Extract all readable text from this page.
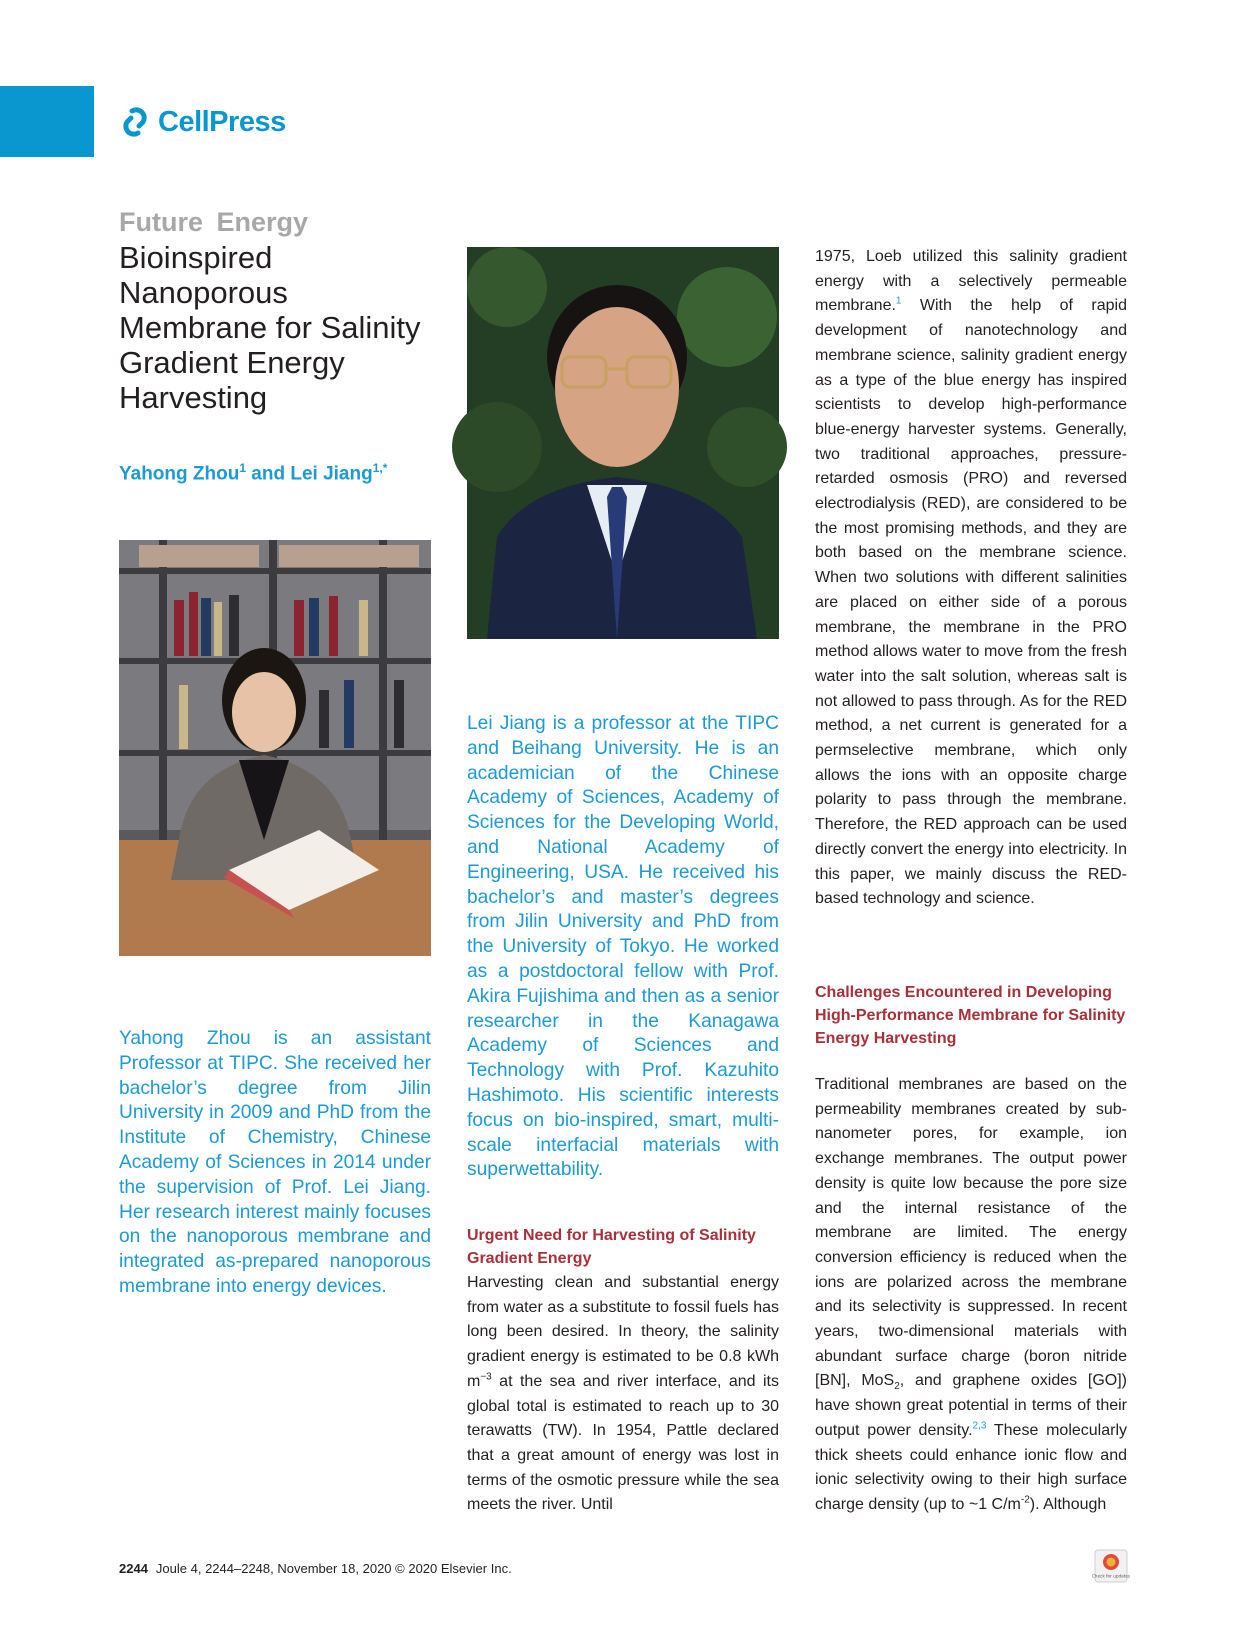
CellPress
Future Energy
Bioinspired Nanoporous Membrane for Salinity Gradient Energy Harvesting
Yahong Zhou$^1$ and Lei Jiang$^{1,*}$
Yahong Zhou is an assistant Professor at TIPC. She received her bachelor’s degree from Jilin University in 2009 and PhD from the Institute of Chemistry, Chinese Academy of Sciences in 2014 under the supervision of Prof. Lei Jiang. Her research interest mainly focuses on the nanoporous membrane and integrated as-prepared nanoporous membrane into energy devices.
Lei Jiang is a professor at the TIPC and Beihang University. He is an academician of the Chinese Academy of Sciences, Academy of Sciences for the Developing World, and National Academy of Engineering, USA. He received his bachelor’s and master’s degrees from Jilin University and PhD from the University of Tokyo. He worked as a postdoctoral fellow with Prof. Akira Fujishima and then as a senior researcher in the Kanagawa Academy of Sciences and Technology with Prof. Kazuhito Hashimoto. His scientific interests focus on bio-inspired, smart, multi-scale interfacial materials with superwettability.
Urgent Need for Harvesting of Salinity Gradient Energy
Harvesting clean and substantial energy from water as a substitute to fossil fuels has long been desired. In theory, the salinity gradient energy is estimated to be 0.8 kWh $m^{-3}$ at the sea and river interface, and its global total is estimated to reach up to 30 terawatts (TW). In 1954, Pattle declared that a great amount of energy was lost in terms of the osmotic pressure while the sea meets the river. Until
1975, Loeb utilized this salinity gradient energy with a selectively permeable membrane.$^1$ With the help of rapid development of nanotechnology and membrane science, salinity gradient energy as a type of the blue energy has inspired scientists to develop high-performance blue-energy harvester systems. Generally, two traditional approaches, pressure-retarded osmosis (PRO) and reversed electrodialysis (RED), are considered to be the most promising methods, and they are both based on the membrane science. When two solutions with different salinities are placed on either side of a porous membrane, the membrane in the PRO method allows water to move from the fresh water into the salt solution, whereas salt is not allowed to pass through. As for the RED method, a net current is generated for a permselective membrane, which only allows the ions with an opposite charge polarity to pass through the membrane. Therefore, the RED approach can be used directly convert the energy into electricity. In this paper, we mainly discuss the RED-based technology and science.
Challenges Encountered in Developing High-Performance Membrane for Salinity Energy Harvesting
Traditional membranes are based on the permeability membranes created by sub-nanometer pores, for example, ion exchange membranes. The output power density is quite low because the pore size and the internal resistance of the membrane are limited. The energy conversion efficiency is reduced when the ions are polarized across the membrane and its selectivity is suppressed. In recent years, two-dimensional materials with abundant surface charge (boron nitride [BN], MoS$_2$, and graphene oxides [GO]) have shown great potential in terms of their output power density.$^{2,3}$ These molecularly thick sheets could enhance ionic flow and ionic selectivity owing to their high surface charge density (up to ~1 $C/m^{-2}$). Although
2244 Joule 4, 2244–2248, November 18, 2020 © 2020 Elsevier Inc.	Check for updates
